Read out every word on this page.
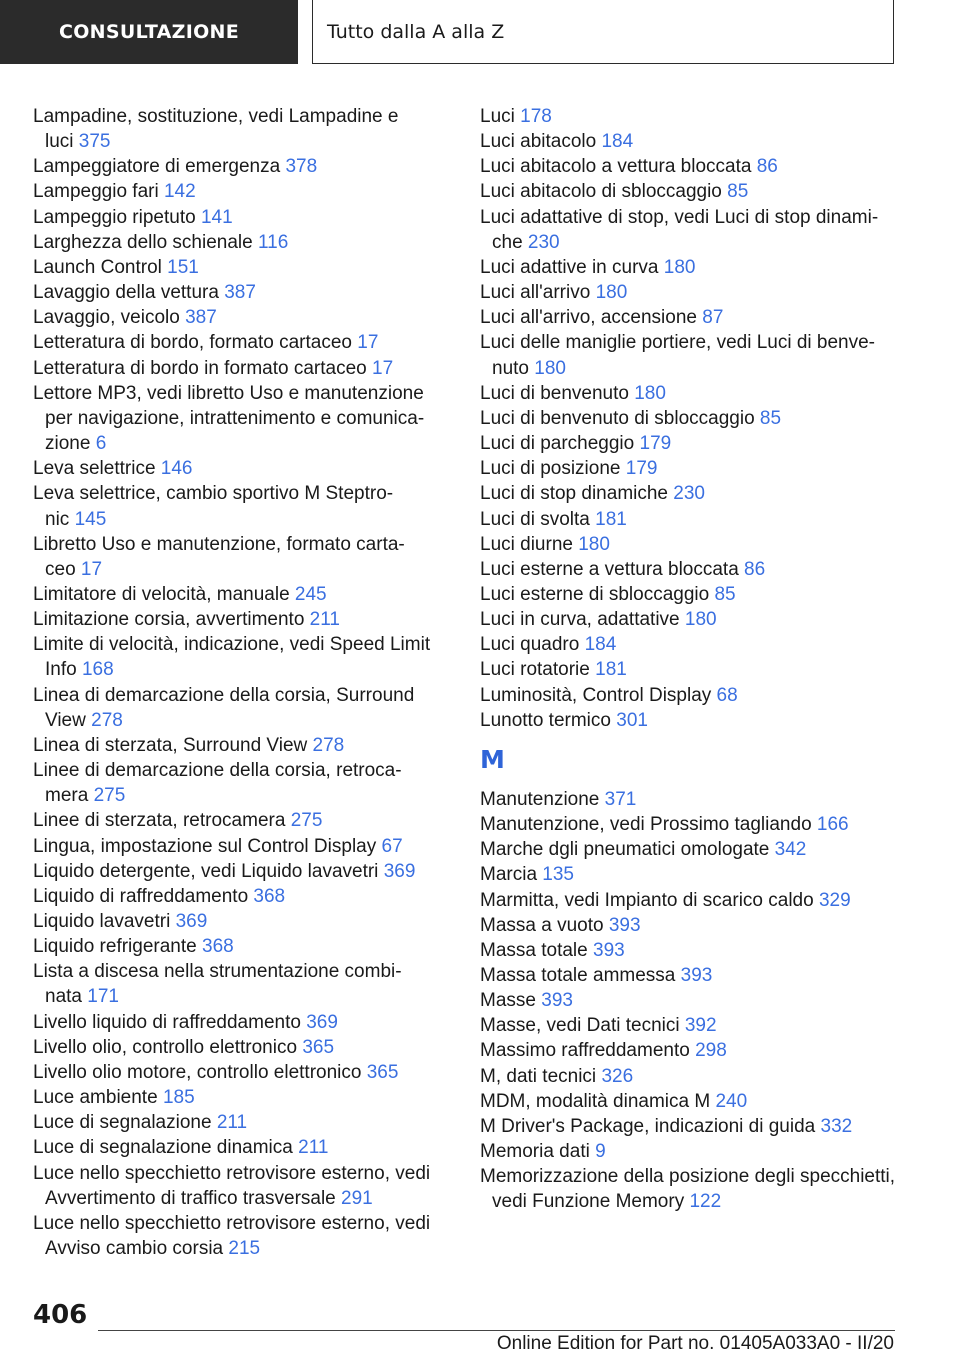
CONSULTAZIONE	Tutto dalla A alla Z
Lampadine, sostituzione, vedi Lampadine e
luci 375
Lampeggiatore di emergenza 378
Lampeggio fari 142
Lampeggio ripetuto 141
Larghezza dello schienale 116
Launch Control 151
Lavaggio della vettura 387
Lavaggio, veicolo 387
Letteratura di bordo, formato cartaceo 17
Letteratura di bordo in formato cartaceo 17
Lettore MP3, vedi libretto Uso e manutenzione
per navigazione, intrattenimento e comunica-
zione 6
Leva selettrice 146
Leva selettrice, cambio sportivo M Steptro-
nic 145
Libretto Uso e manutenzione, formato carta-
ceo 17
Limitatore di velocità, manuale 245
Limitazione corsia, avvertimento 211
Limite di velocità, indicazione, vedi Speed Limit
Info 168
Linea di demarcazione della corsia, Surround
View 278
Linea di sterzata, Surround View 278
Linee di demarcazione della corsia, retroca-
mera 275
Linee di sterzata, retrocamera 275
Lingua, impostazione sul Control Display 67
Liquido detergente, vedi Liquido lavavetri 369
Liquido di raffreddamento 368
Liquido lavavetri 369
Liquido refrigerante 368
Lista a discesa nella strumentazione combi-
nata 171
Livello liquido di raffreddamento 369
Livello olio, controllo elettronico 365
Livello olio motore, controllo elettronico 365
Luce ambiente 185
Luce di segnalazione 211
Luce di segnalazione dinamica 211
Luce nello specchietto retrovisore esterno, vedi
Avvertimento di traffico trasversale 291
Luce nello specchietto retrovisore esterno, vedi
Avviso cambio corsia 215
Luci 178
Luci abitacolo 184
Luci abitacolo a vettura bloccata 86
Luci abitacolo di sbloccaggio 85
Luci adattative di stop, vedi Luci di stop dinami-
che 230
Luci adattive in curva 180
Luci all'arrivo 180
Luci all'arrivo, accensione 87
Luci delle maniglie portiere, vedi Luci di benve-
nuto 180
Luci di benvenuto 180
Luci di benvenuto di sbloccaggio 85
Luci di parcheggio 179
Luci di posizione 179
Luci di stop dinamiche 230
Luci di svolta 181
Luci diurne 180
Luci esterne a vettura bloccata 86
Luci esterne di sbloccaggio 85
Luci in curva, adattative 180
Luci quadro 184
Luci rotatorie 181
Luminosità, Control Display 68
Lunotto termico 301
M
Manutenzione 371
Manutenzione, vedi Prossimo tagliando 166
Marche dgli pneumatici omologate 342
Marcia 135
Marmitta, vedi Impianto di scarico caldo 329
Massa a vuoto 393
Massa totale 393
Massa totale ammessa 393
Masse 393
Masse, vedi Dati tecnici 392
Massimo raffreddamento 298
M, dati tecnici 326
MDM, modalità dinamica M 240
M Driver's Package, indicazioni di guida 332
Memoria dati 9
Memorizzazione della posizione degli specchietti,
vedi Funzione Memory 122
406
Online Edition for Part no. 01405A033A0 - II/20
